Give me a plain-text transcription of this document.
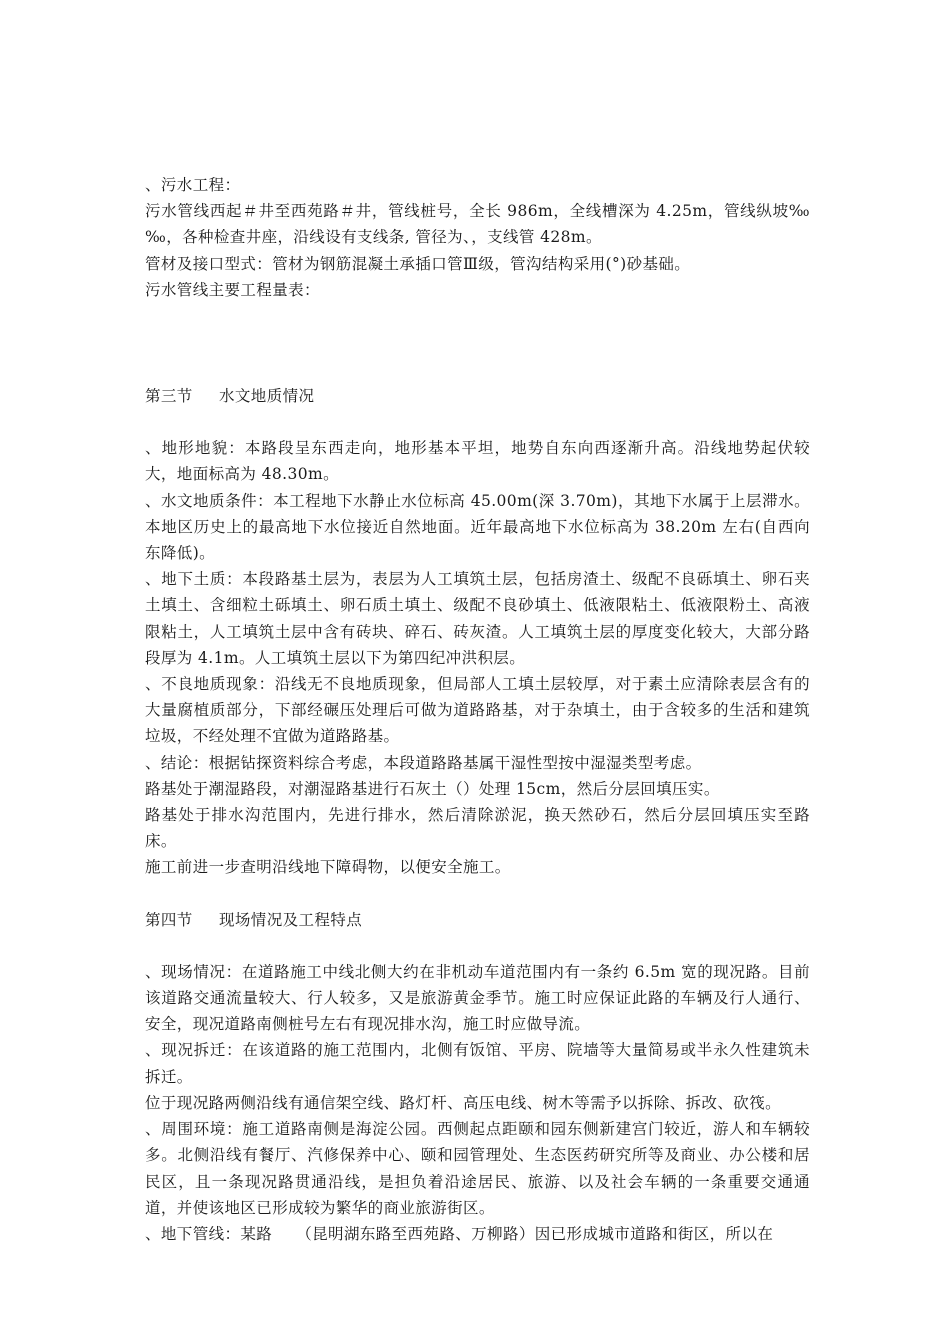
、污水工程：

污水管线西起＃井至西苑路＃井，管线桩号，全长 986m，全线槽深为 4.25m，管线纵坡‰ ‰，各种检查井座，沿线设有支线条, 管径为、，支线管 428m。

管材及接口型式：管材为钢筋混凝土承插口管Ⅲ级，管沟结构采用(°)砂基础。

污水管线主要工程量表：

第三节 水文地质情况

、地形地貌：本路段呈东西走向，地形基本平坦，地势自东向西逐渐升高。沿线地势起伏较大，地面标高为 48.30m。

、水文地质条件：本工程地下水静止水位标高 45.00m(深 3.70m)，其地下水属于上层滞水。本地区历史上的最高地下水位接近自然地面。近年最高地下水位标高为 38.20m 左右(自西向东降低)。

、地下土质：本段路基土层为，表层为人工填筑土层，包括房渣土、级配不良砾填土、卵石夹土填土、含细粒土砾填土、卵石质土填土、级配不良砂填土、低液限粘土、低液限粉土、高液限粘土，人工填筑土层中含有砖块、碎石、砖灰渣。人工填筑土层的厚度变化较大，大部分路段厚为 4.1m。人工填筑土层以下为第四纪冲洪积层。

、不良地质现象：沿线无不良地质现象，但局部人工填土层较厚，对于素土应清除表层含有的大量腐植质部分，下部经碾压处理后可做为道路路基，对于杂填土，由于含较多的生活和建筑垃圾，不经处理不宜做为道路路基。

、结论：根据钻探资料综合考虑，本段道路路基属干湿性型按中湿湿类型考虑。

路基处于潮湿路段，对潮湿路基进行石灰土（）处理 15cm，然后分层回填压实。

路基处于排水沟范围内，先进行排水，然后清除淤泥，换天然砂石，然后分层回填压实至路床。

施工前进一步查明沿线地下障碍物，以便安全施工。

第四节 现场情况及工程特点

、现场情况：在道路施工中线北侧大约在非机动车道范围内有一条约 6.5m 宽的现况路。目前该道路交通流量较大、行人较多，又是旅游黄金季节。施工时应保证此路的车辆及行人通行、安全，现况道路南侧桩号左右有现况排水沟，施工时应做导流。

、现况拆迁：在该道路的施工范围内，北侧有饭馆、平房、院墙等大量简易或半永久性建筑未拆迁。

位于现况路两侧沿线有通信架空线、路灯杆、高压电线、树木等需予以拆除、拆改、砍筏。

、周围环境：施工道路南侧是海淀公园。西侧起点距颐和园东侧新建宫门较近，游人和车辆较多。北侧沿线有餐厅、汽修保养中心、颐和园管理处、生态医药研究所等及商业、办公楼和居民区，且一条现况路贯通沿线，是担负着沿途居民、旅游、以及社会车辆的一条重要交通通道，并使该地区已形成较为繁华的商业旅游街区。

、地下管线：某路　　（昆明湖东路至西苑路、万柳路）因已形成城市道路和街区，所以在
